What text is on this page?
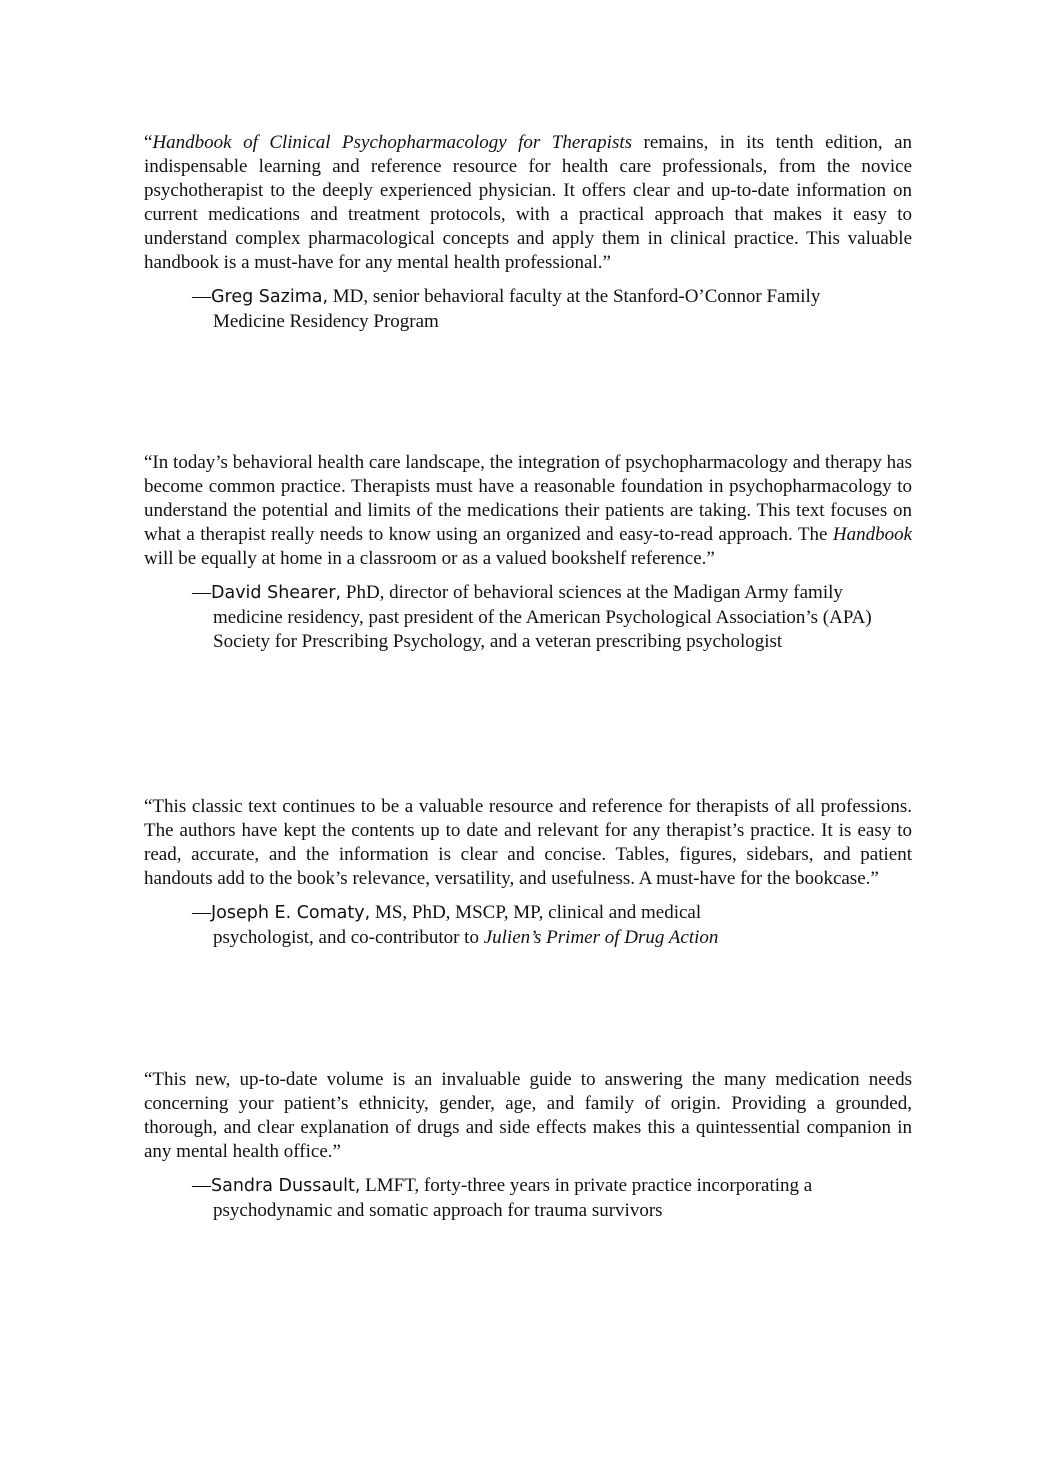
“Handbook of Clinical Psychopharmacology for Therapists remains, in its tenth edition, an indispensable learning and reference resource for health care professionals, from the novice psychotherapist to the deeply experienced physician. It offers clear and up-to-date information on current medications and treatment protocols, with a practical approach that makes it easy to understand complex pharmacological concepts and apply them in clinical practice. This valuable handbook is a must-have for any mental health professional.”

—Greg Sazima, MD, senior behavioral faculty at the Stanford-O’Connor Family Medicine Residency Program

“In today’s behavioral health care landscape, the integration of psychopharmacology and therapy has become common practice. Therapists must have a reasonable foundation in psychopharmacology to understand the potential and limits of the medications their patients are taking. This text focuses on what a therapist really needs to know using an organized and easy-to-read approach. The Handbook will be equally at home in a classroom or as a valued bookshelf reference.”

—David Shearer, PhD, director of behavioral sciences at the Madigan Army family medicine residency, past president of the American Psychological Association’s (APA) Society for Prescribing Psychology, and a veteran prescribing psychologist

“This classic text continues to be a valuable resource and reference for therapists of all professions. The authors have kept the contents up to date and relevant for any therapist’s practice. It is easy to read, accurate, and the information is clear and concise. Tables, figures, sidebars, and patient handouts add to the book’s relevance, versatility, and usefulness. A must-have for the bookcase.”

—Joseph E. Comaty, MS, PhD, MSCP, MP, clinical and medical psychologist, and co-contributor to Julien’s Primer of Drug Action

“This new, up-to-date volume is an invaluable guide to answering the many medication needs concerning your patient’s ethnicity, gender, age, and family of origin. Providing a grounded, thorough, and clear explanation of drugs and side effects makes this a quintessential companion in any mental health office.”

—Sandra Dussault, LMFT, forty-three years in private practice incorporating a psychodynamic and somatic approach for trauma survivors
